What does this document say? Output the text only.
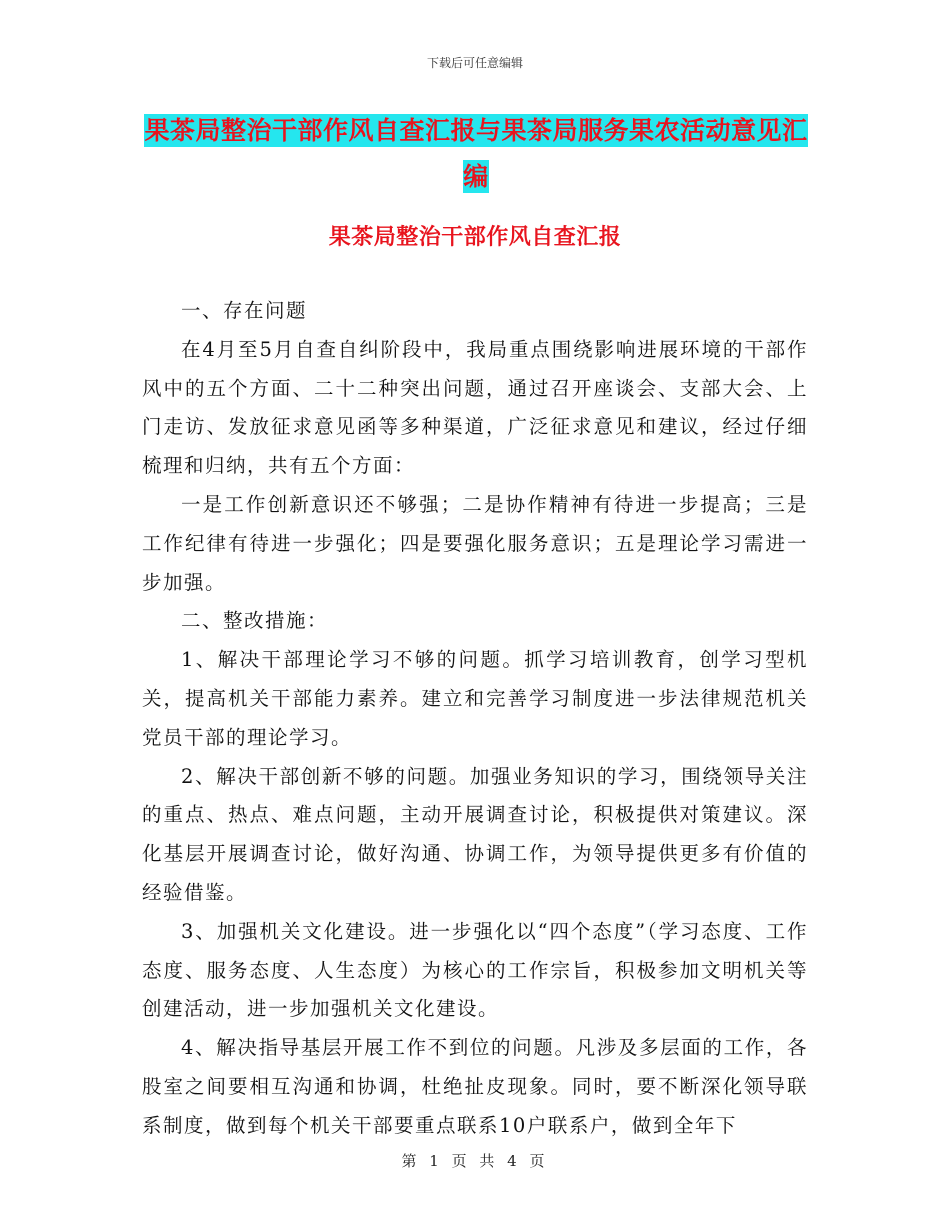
下载后可任意编辑
果茶局整治干部作风自查汇报与果茶局服务果农活动意见汇编
果茶局整治干部作风自查汇报

一、存在问题

在4月至5月自查自纠阶段中，我局重点围绕影响进展环境的干部作风中的五个方面、二十二种突出问题，通过召开座谈会、支部大会、上门走访、发放征求意见函等多种渠道，广泛征求意见和建议，经过仔细梳理和归纳，共有五个方面：

一是工作创新意识还不够强；二是协作精神有待进一步提高；三是工作纪律有待进一步强化；四是要强化服务意识；五是理论学习需进一步加强。

二、整改措施：

1、解决干部理论学习不够的问题。抓学习培训教育，创学习型机关，提高机关干部能力素养。建立和完善学习制度进一步法律规范机关党员干部的理论学习。

2、解决干部创新不够的问题。加强业务知识的学习，围绕领导关注的重点、热点、难点问题，主动开展调查讨论，积极提供对策建议。深化基层开展调查讨论，做好沟通、协调工作，为领导提供更多有价值的经验借鉴。

3、加强机关文化建设。进一步强化以“四个态度”（学习态度、工作态度、服务态度、人生态度）为核心的工作宗旨，积极参加文明机关等创建活动，进一步加强机关文化建设。

4、解决指导基层开展工作不到位的问题。凡涉及多层面的工作，各股室之间要相互沟通和协调，杜绝扯皮现象。同时，要不断深化领导联系制度，做到每个机关干部要重点联系10户联系户，做到全年下

第 1 页 共 4 页
